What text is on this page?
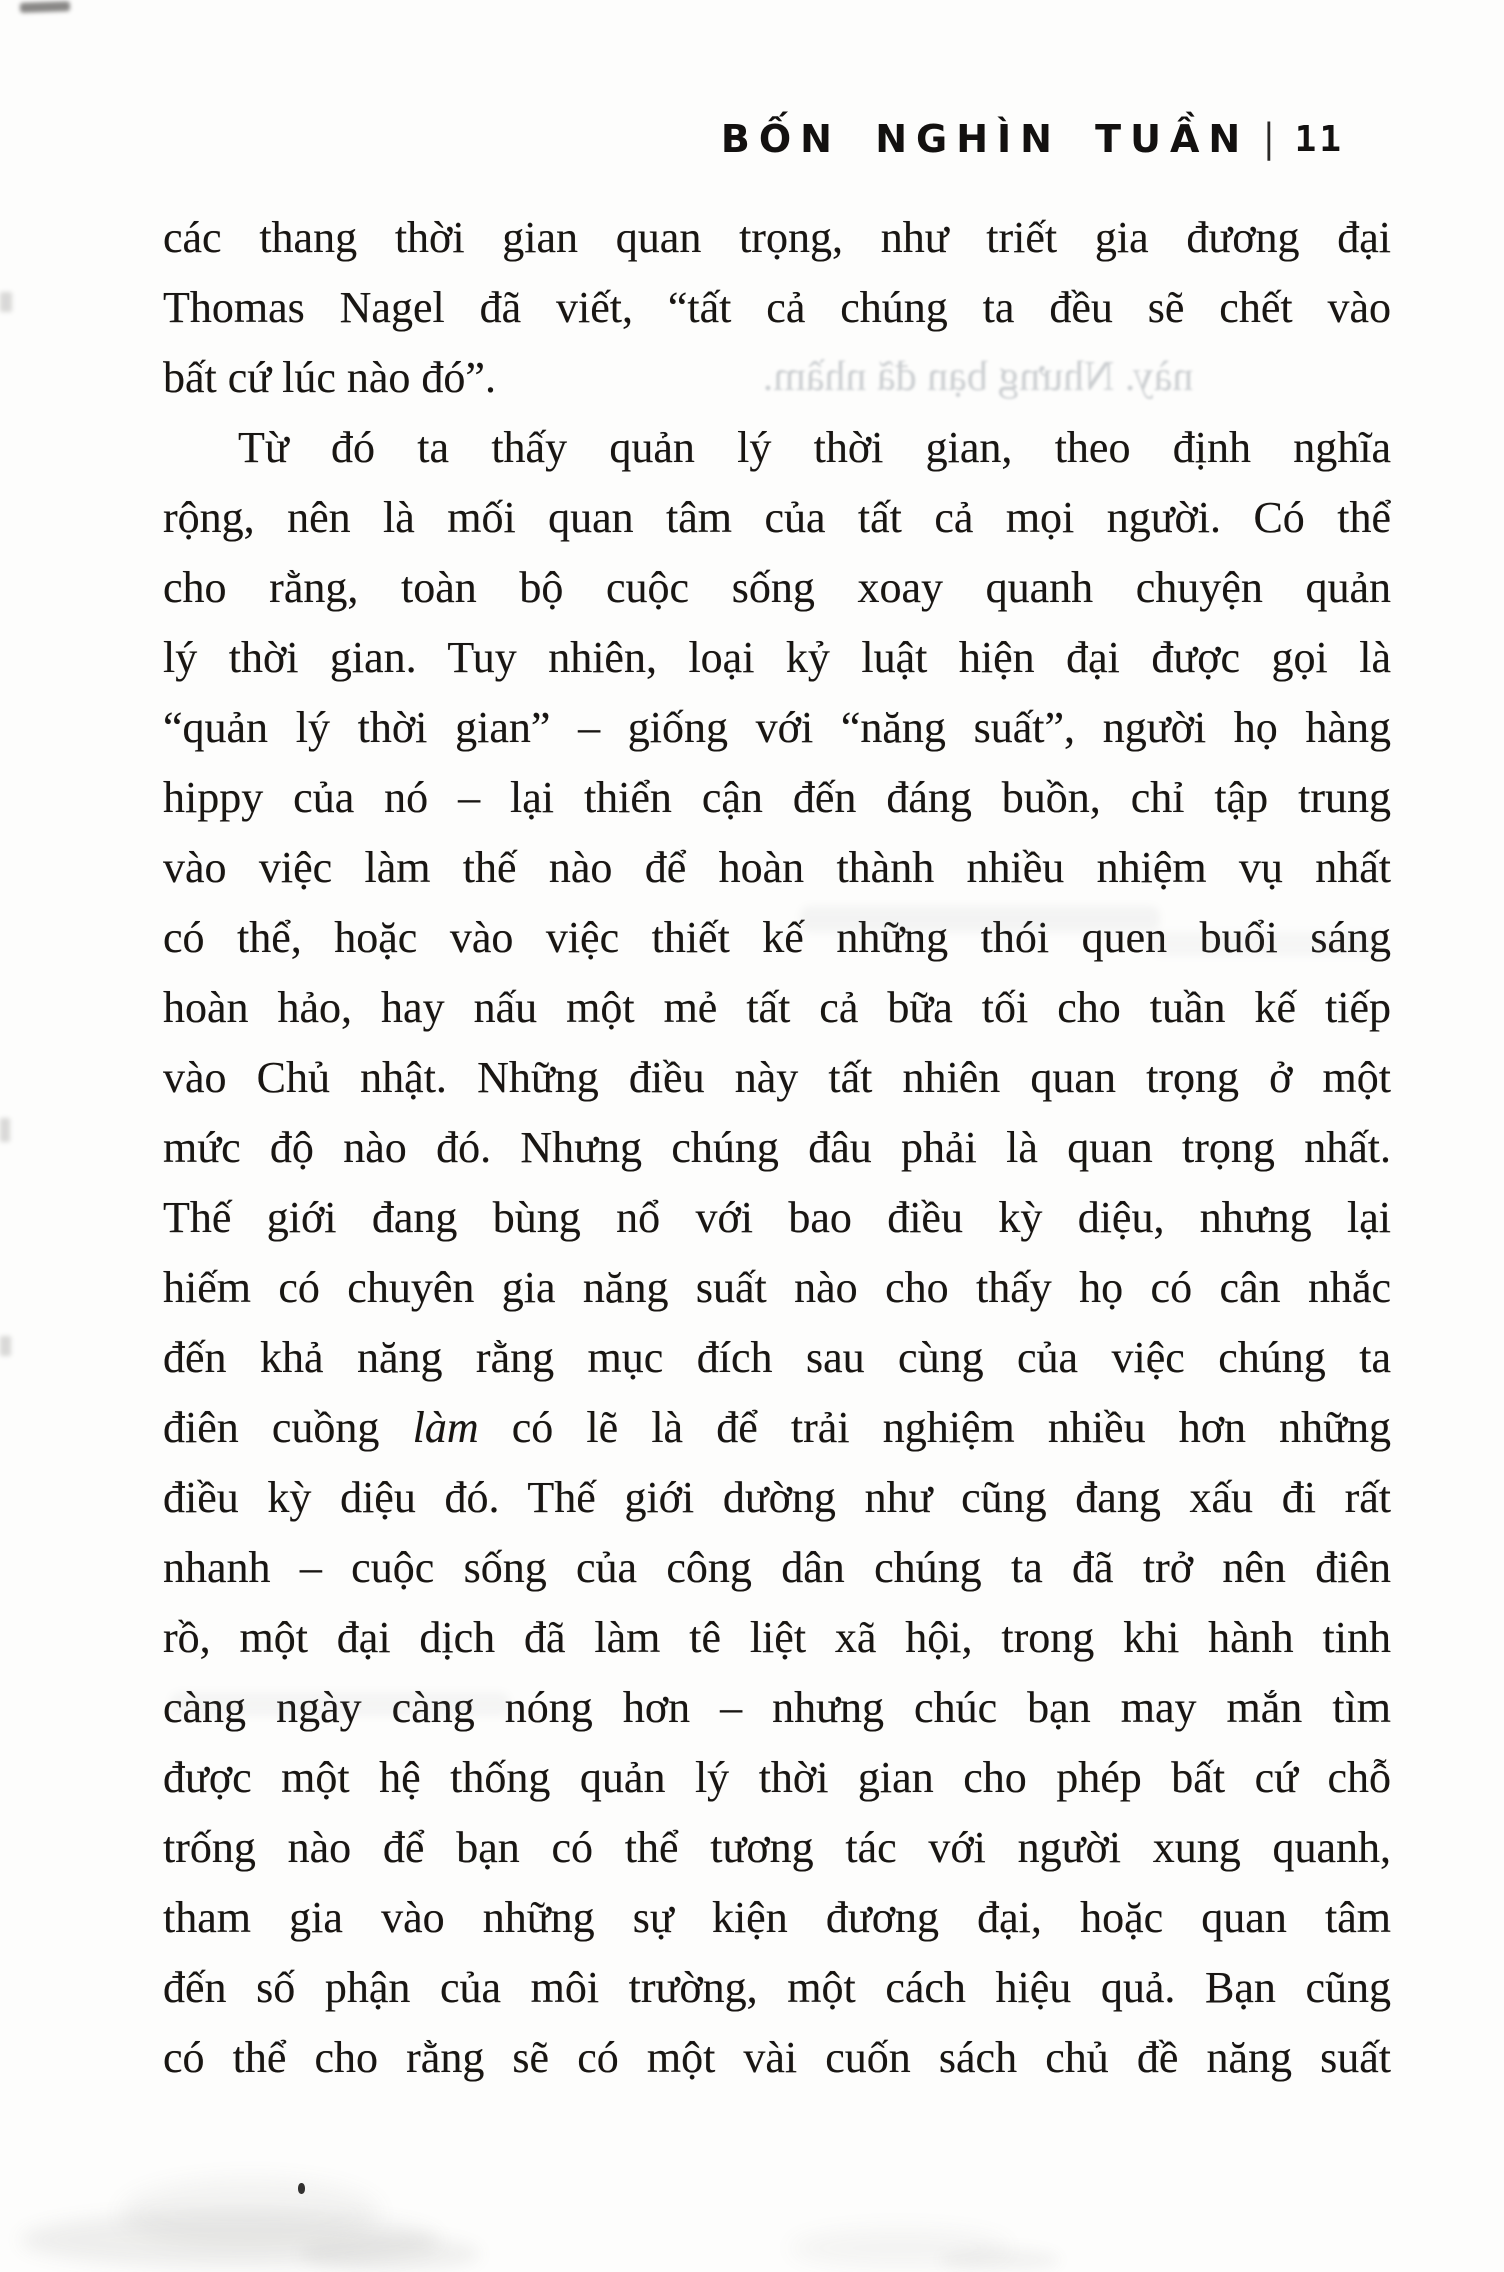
BỐN NGHÌN TUẦN | 11
này. Nhưng bạn đã nhầm.
các thang thời gian quan trọng, như triết gia đương đại
Thomas Nagel đã viết, “tất cả chúng ta đều sẽ chết vào
bất cứ lúc nào đó”.
Từ đó ta thấy quản lý thời gian, theo định nghĩa
rộng, nên là mối quan tâm của tất cả mọi người. Có thể
cho rằng, toàn bộ cuộc sống xoay quanh chuyện quản
lý thời gian. Tuy nhiên, loại kỷ luật hiện đại được gọi là
“quản lý thời gian” – giống với “năng suất”, người họ hàng
hippy của nó – lại thiển cận đến đáng buồn, chỉ tập trung
vào việc làm thế nào để hoàn thành nhiều nhiệm vụ nhất
có thể, hoặc vào việc thiết kế những thói quen buổi sáng
hoàn hảo, hay nấu một mẻ tất cả bữa tối cho tuần kế tiếp
vào Chủ nhật. Những điều này tất nhiên quan trọng ở một
mức độ nào đó. Nhưng chúng đâu phải là quan trọng nhất.
Thế giới đang bùng nổ với bao điều kỳ diệu, nhưng lại
hiếm có chuyên gia năng suất nào cho thấy họ có cân nhắc
đến khả năng rằng mục đích sau cùng của việc chúng ta
điên cuồng làm có lẽ là để trải nghiệm nhiều hơn những
điều kỳ diệu đó. Thế giới dường như cũng đang xấu đi rất
nhanh – cuộc sống của công dân chúng ta đã trở nên điên
rồ, một đại dịch đã làm tê liệt xã hội, trong khi hành tinh
càng ngày càng nóng hơn – nhưng chúc bạn may mắn tìm
được một hệ thống quản lý thời gian cho phép bất cứ chỗ
trống nào để bạn có thể tương tác với người xung quanh,
tham gia vào những sự kiện đương đại, hoặc quan tâm
đến số phận của môi trường, một cách hiệu quả. Bạn cũng
có thể cho rằng sẽ có một vài cuốn sách chủ đề năng suất
